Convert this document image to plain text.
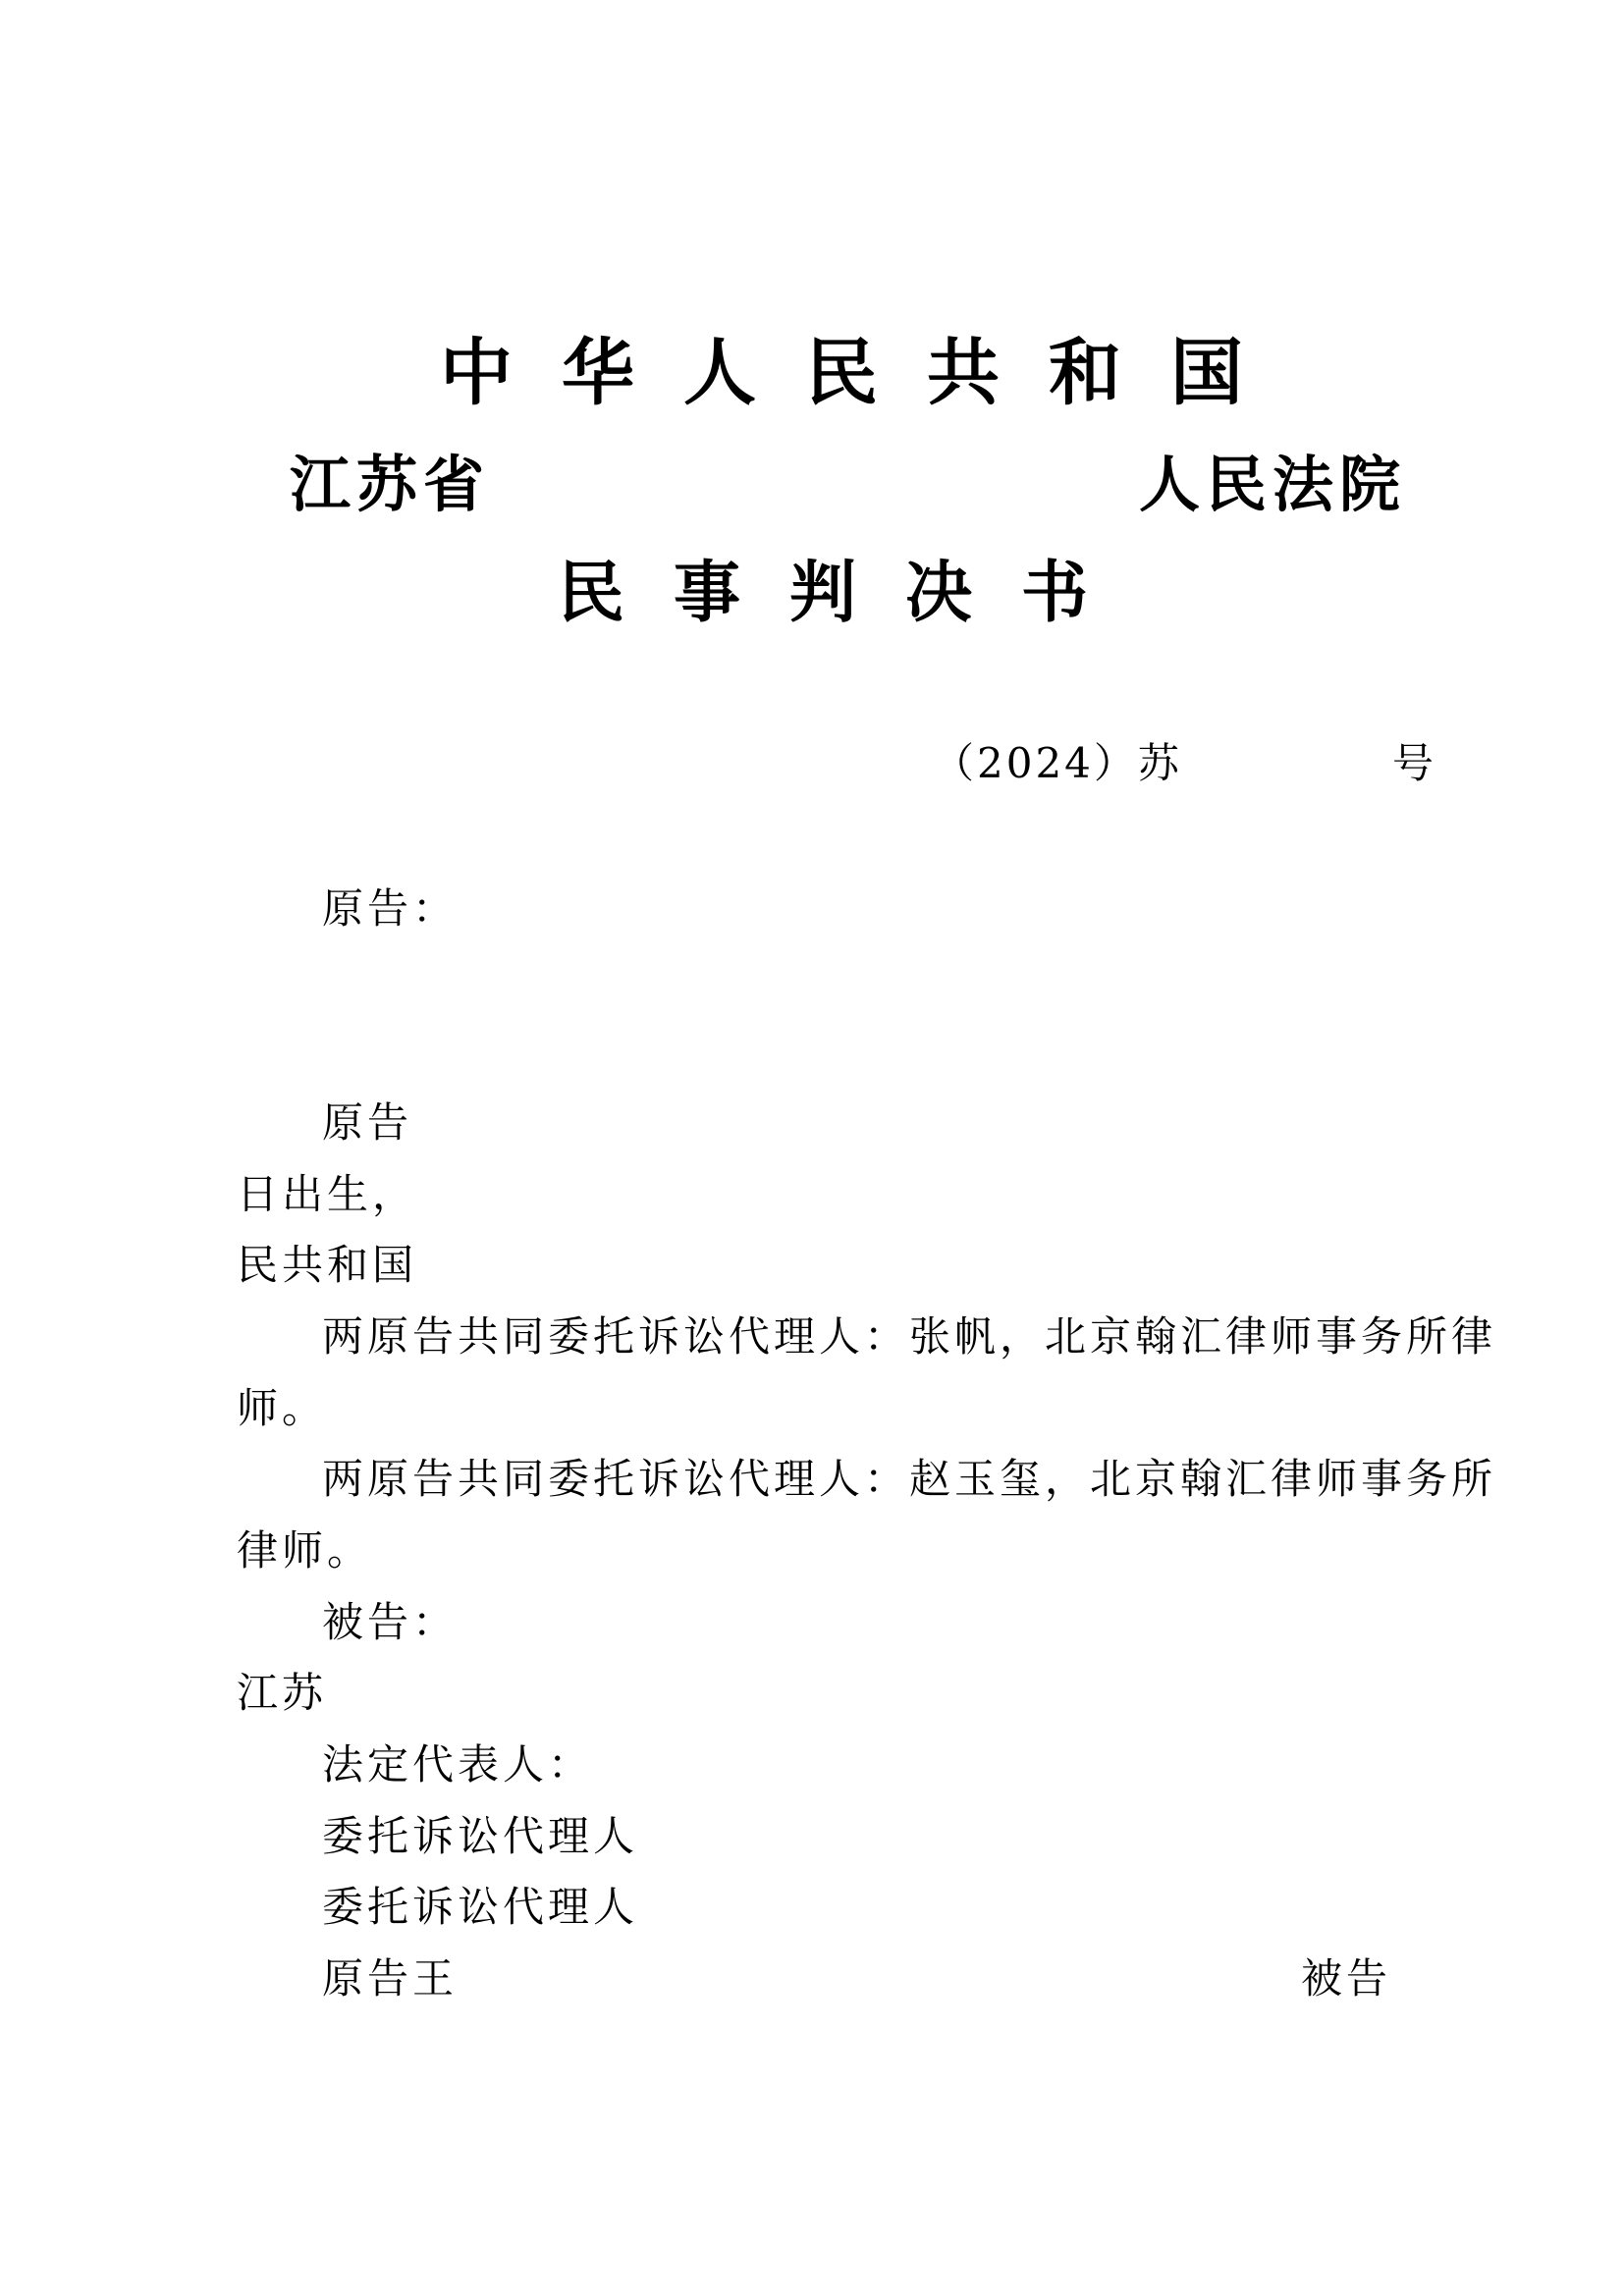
中华人民共和国
江苏省	人民法院
民事判决书
（2024）苏	号
原告：
原告
日出生，
民共和国
两原告共同委托诉讼代理人：张帆，北京翰汇律师事务所律
师。
两原告共同委托诉讼代理人：赵玉玺，北京翰汇律师事务所
律师。
被告：
江苏
法定代表人：
委托诉讼代理人
委托诉讼代理人
原告王	被告
